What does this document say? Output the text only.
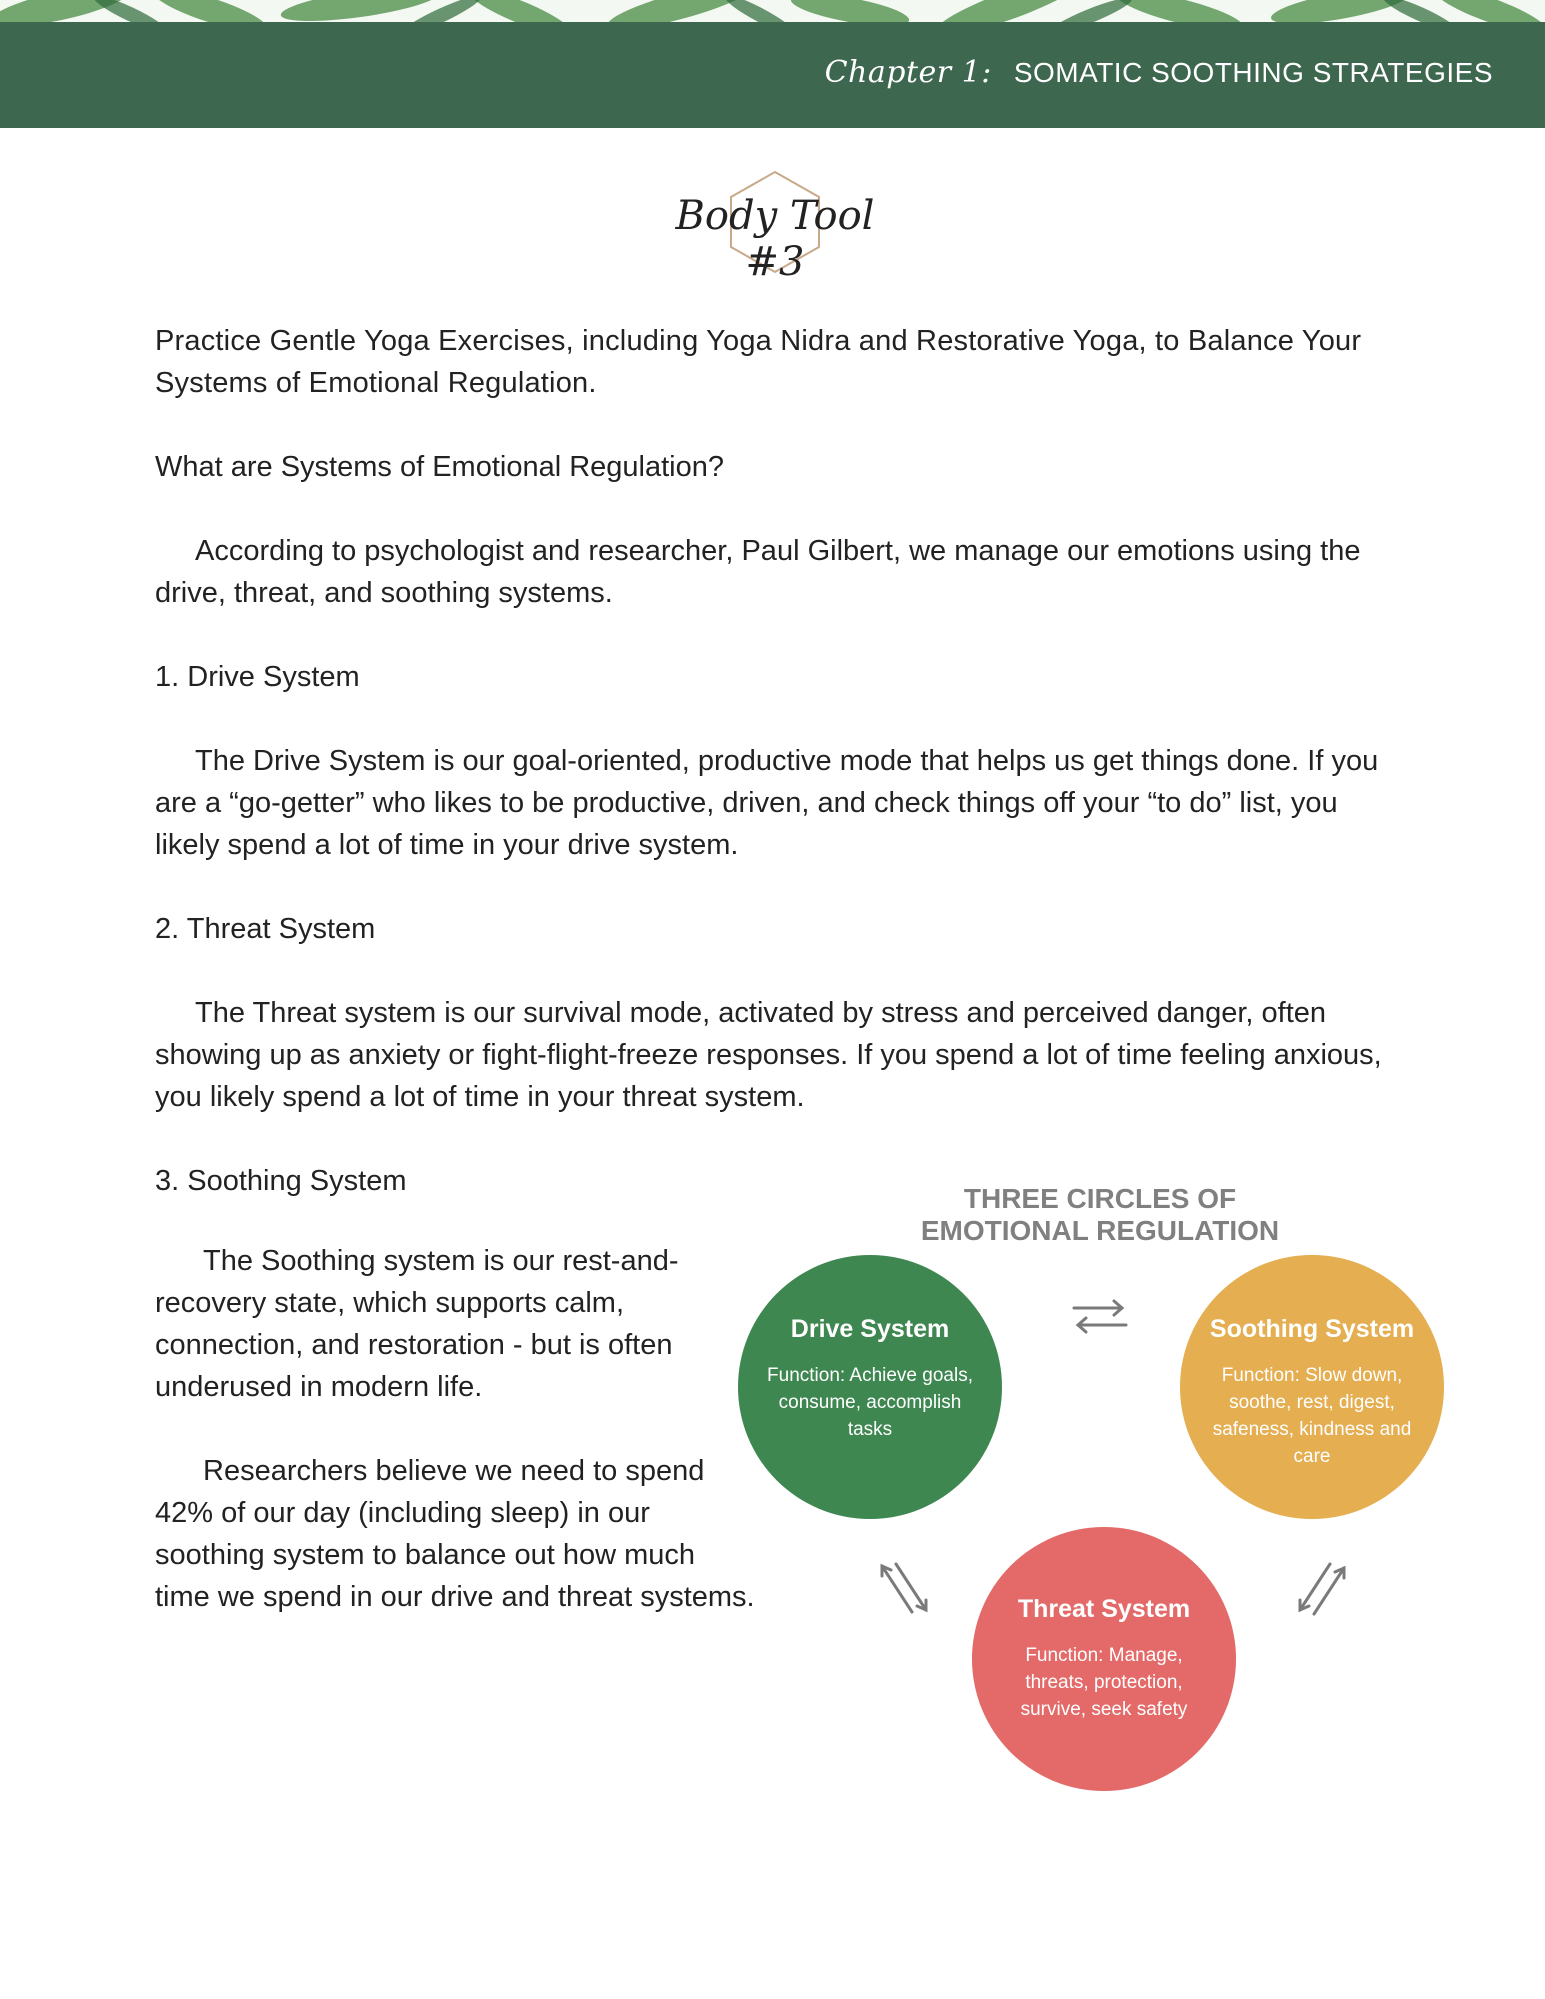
Chapter 1: SOMATIC SOOTHING STRATEGIES
Body Tool #3
Practice Gentle Yoga Exercises, including Yoga Nidra and Restorative Yoga, to Balance Your Systems of Emotional Regulation.
What are Systems of Emotional Regulation?

According to psychologist and researcher, Paul Gilbert, we manage our emotions using the drive, threat, and soothing systems.

1. Drive System

The Drive System is our goal-oriented, productive mode that helps us get things done. If you are a “go-getter” who likes to be productive, driven, and check things off your “to do” list, you likely spend a lot of time in your drive system.

2. Threat System

The Threat system is our survival mode, activated by stress and perceived danger, often showing up as anxiety or fight-flight-freeze responses. If you spend a lot of time feeling anxious, you likely spend a lot of time in your threat system.

3. Soothing System

The Soothing system is our rest-and-recovery state, which supports calm, connection, and restoration - but is often underused in modern life.

Researchers believe we need to spend 42% of our day (including sleep) in our soothing system to balance out how much time we spend in our drive and threat systems.

THREE CIRCLES OF
EMOTIONAL REGULATION
Drive System
Function: Achieve goals, consume, accomplish tasks
Soothing System
Function: Slow down, soothe, rest, digest, safeness, kindness and care
Threat System
Function: Manage, threats, protection, survive, seek safety
